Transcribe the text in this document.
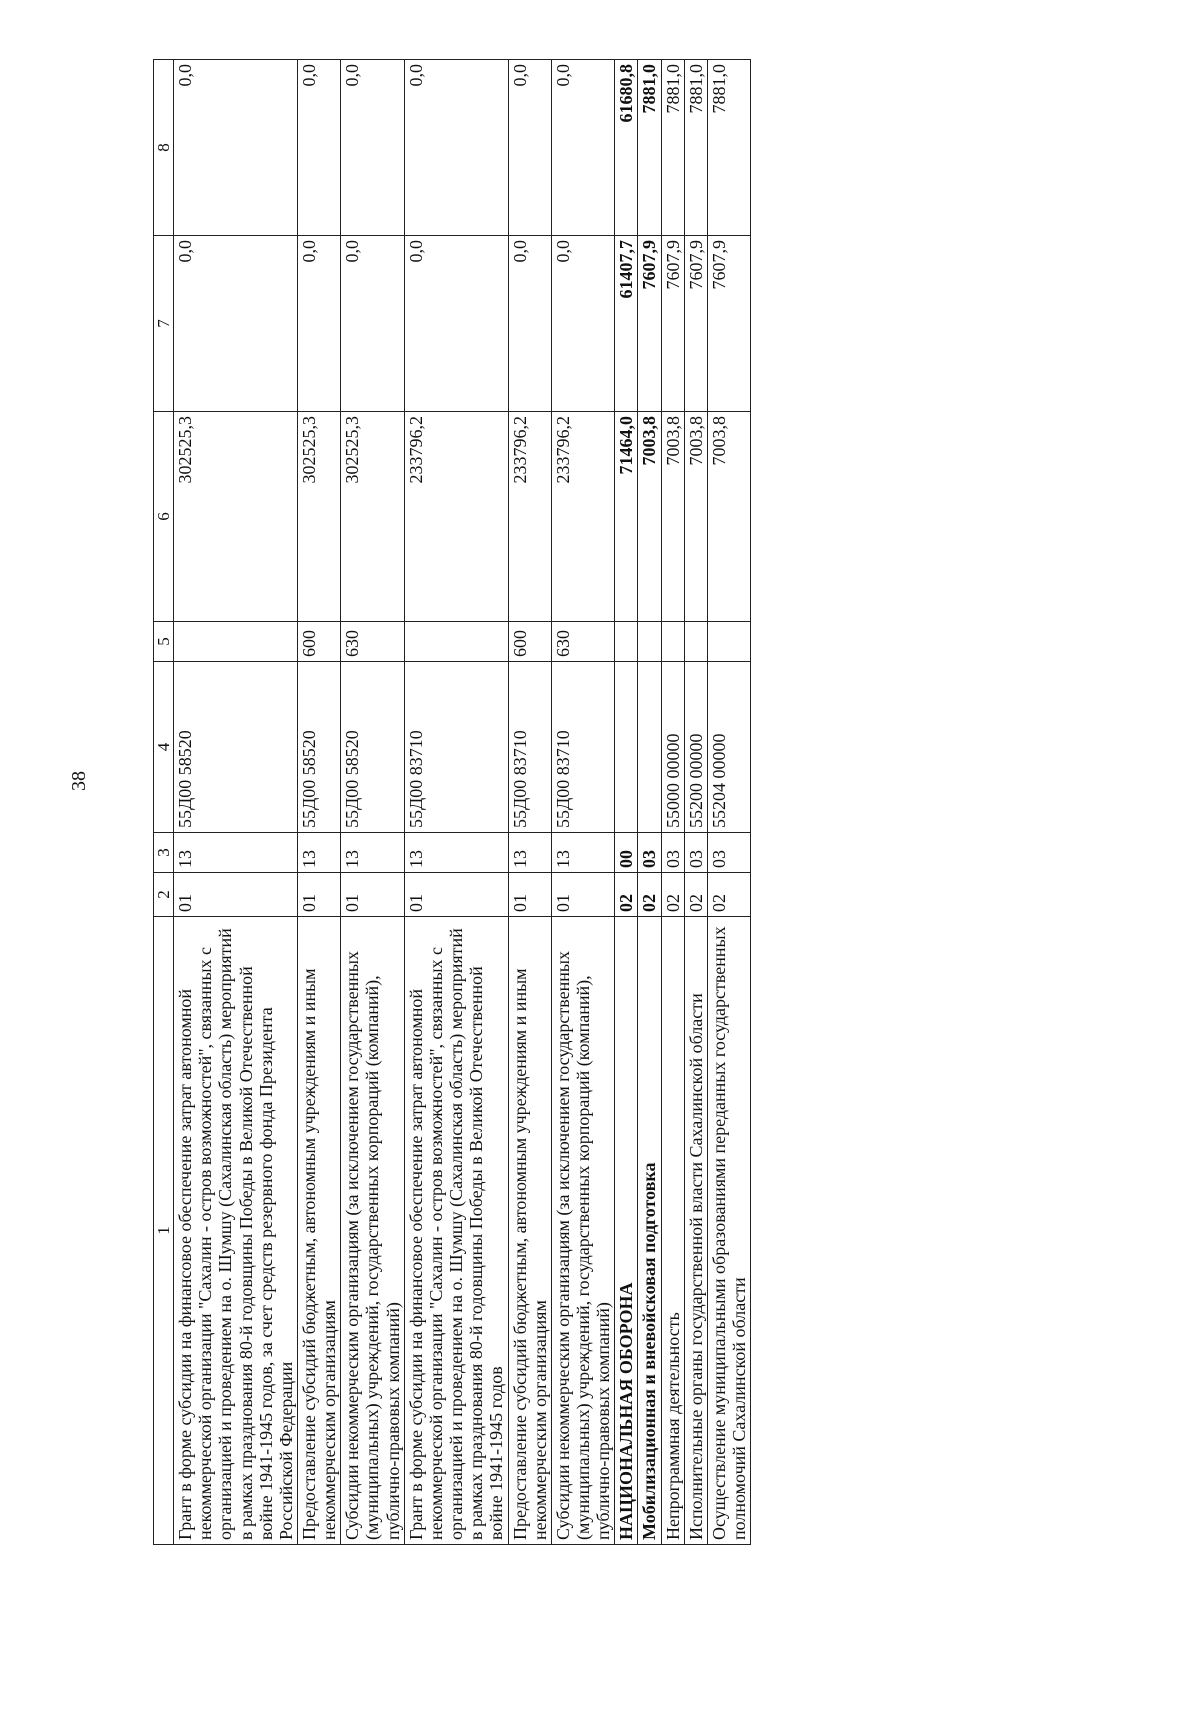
38
1	2	3	4	5	6	7	8
Грант в форме субсидии на финансовое обеспечение затрат автономной некоммерческой организации "Сахалин - остров возможностей", связанных с организацией и проведением на о. Шумшу (Сахалинская область) мероприятий в рамках празднования 80-й годовщины Победы в Великой Отечественной войне 1941-1945 годов, за счет средств резервного фонда Президента Российской Федерации	01	13	55Д00 58520		302525,3	0,0	0,0
Предоставление субсидий бюджетным, автономным учреждениям и иным некоммерческим организациям	01	13	55Д00 58520	600	302525,3	0,0	0,0
Субсидии некоммерческим организациям (за исключением государственных (муниципальных) учреждений, государственных корпораций (компаний), публично-правовых компаний)	01	13	55Д00 58520	630	302525,3	0,0	0,0
Грант в форме субсидии на финансовое обеспечение затрат автономной некоммерческой организации "Сахалин - остров возможностей", связанных с организацией и проведением на о. Шумшу (Сахалинская область) мероприятий в рамках празднования 80-й годовщины Победы в Великой Отечественной войне 1941-1945 годов	01	13	55Д00 83710		233796,2	0,0	0,0
Предоставление субсидий бюджетным, автономным учреждениям и иным некоммерческим организациям	01	13	55Д00 83710	600	233796,2	0,0	0,0
Субсидии некоммерческим организациям (за исключением государственных (муниципальных) учреждений, государственных корпораций (компаний), публично-правовых компаний)	01	13	55Д00 83710	630	233796,2	0,0	0,0
НАЦИОНАЛЬНАЯ ОБОРОНА	02	00			71464,0	61407,7	61680,8
Мобилизационная и вневойсковая подготовка	02	03			7003,8	7607,9	7881,0
Непрограммная деятельность	02	03	55000 00000		7003,8	7607,9	7881,0
Исполнительные органы государственной власти Сахалинской области	02	03	55200 00000		7003,8	7607,9	7881,0
Осуществление муниципальными образованиями переданных государственных полномочий Сахалинской области	02	03	55204 00000		7003,8	7607,9	7881,0
